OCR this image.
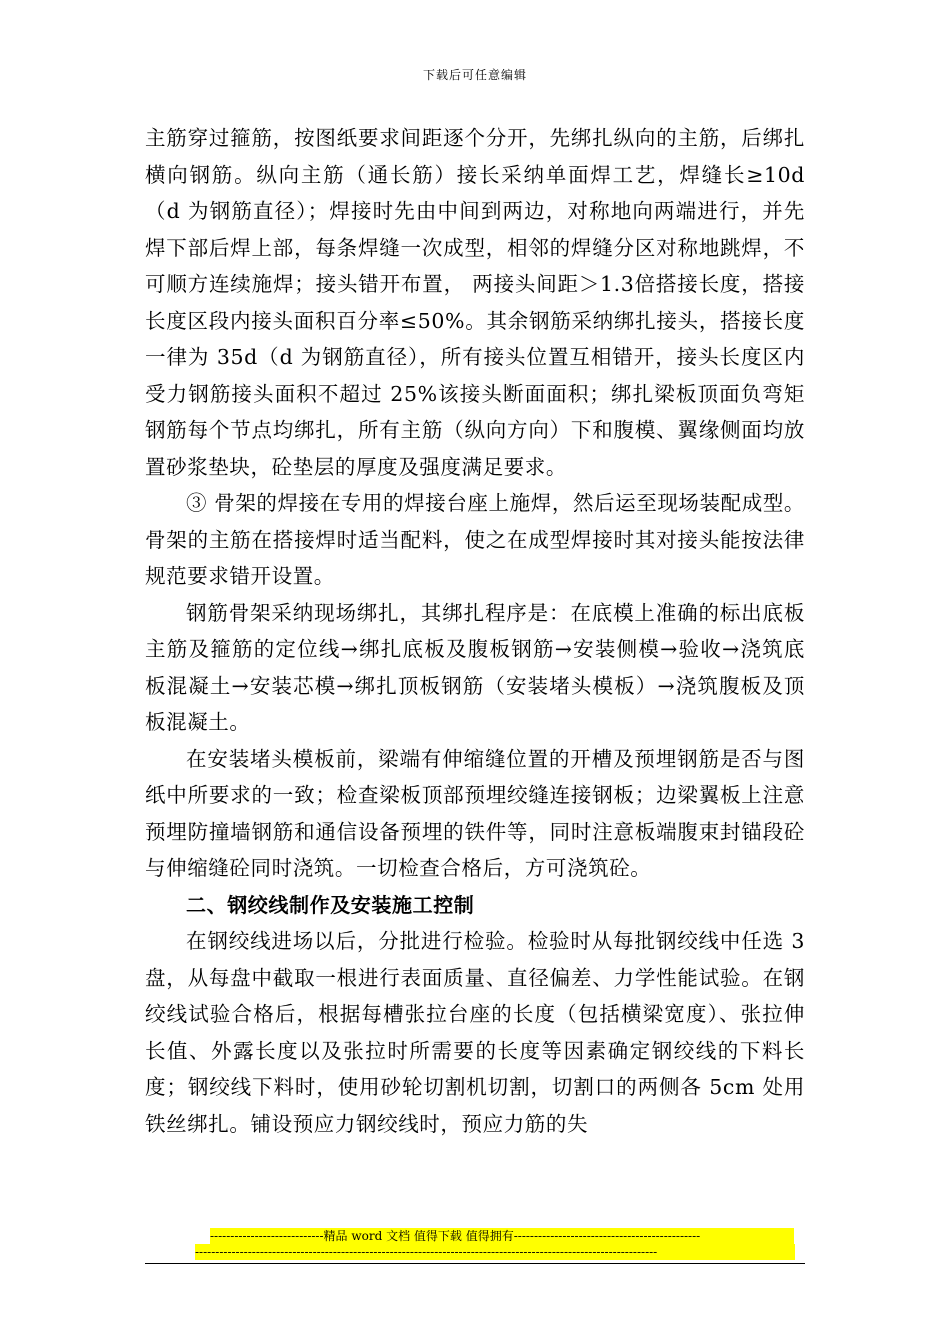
下载后可任意编辑

主筋穿过箍筋，按图纸要求间距逐个分开，先绑扎纵向的主筋，后绑扎横向钢筋。纵向主筋（通长筋）接长采纳单面焊工艺，焊缝长≥10d（d 为钢筋直径）；焊接时先由中间到两边，对称地向两端进行，并先焊下部后焊上部，每条焊缝一次成型，相邻的焊缝分区对称地跳焊，不可顺方连续施焊；接头错开布置， 两接头间距＞1.3倍搭接长度，搭接长度区段内接头面积百分率≤50%。其余钢筋采纳绑扎接头，搭接长度一律为 35d（d 为钢筋直径），所有接头位置互相错开，接头长度区内受力钢筋接头面积不超过 25%该接头断面面积；绑扎梁板顶面负弯矩钢筋每个节点均绑扎，所有主筋（纵向方向）下和腹模、翼缘侧面均放置砂浆垫块，砼垫层的厚度及强度满足要求。

③ 骨架的焊接在专用的焊接台座上施焊，然后运至现场装配成型。骨架的主筋在搭接焊时适当配料，使之在成型焊接时其对接头能按法律规范要求错开设置。

钢筋骨架采纳现场绑扎，其绑扎程序是：在底模上准确的标出底板主筋及箍筋的定位线→绑扎底板及腹板钢筋→安装侧模→验收→浇筑底板混凝土→安装芯模→绑扎顶板钢筋（安装堵头模板）→浇筑腹板及顶板混凝土。

在安装堵头模板前，梁端有伸缩缝位置的开槽及预埋钢筋是否与图纸中所要求的一致；检查梁板顶部预埋绞缝连接钢板；边梁翼板上注意预埋防撞墙钢筋和通信设备预埋的铁件等，同时注意板端腹束封锚段砼与伸缩缝砼同时浇筑。一切检查合格后，方可浇筑砼。

二、钢绞线制作及安装施工控制

在钢绞线进场以后，分批进行检验。检验时从每批钢绞线中任选 3 盘，从每盘中截取一根进行表面质量、直径偏差、力学性能试验。在钢绞线试验合格后，根据每槽张拉台座的长度（包括横梁宽度）、张拉伸长值、外露长度以及张拉时所需要的长度等因素确定钢绞线的下料长度；钢绞线下料时，使用砂轮切割机切割，切割口的两侧各 5cm 处用铁丝绑扎。铺设预应力钢绞线时，预应力筋的失

----------------------------精品 word 文档 值得下载 值得拥有----------------------------------------------
------------------------------------------------------------------------------------------------------------------
